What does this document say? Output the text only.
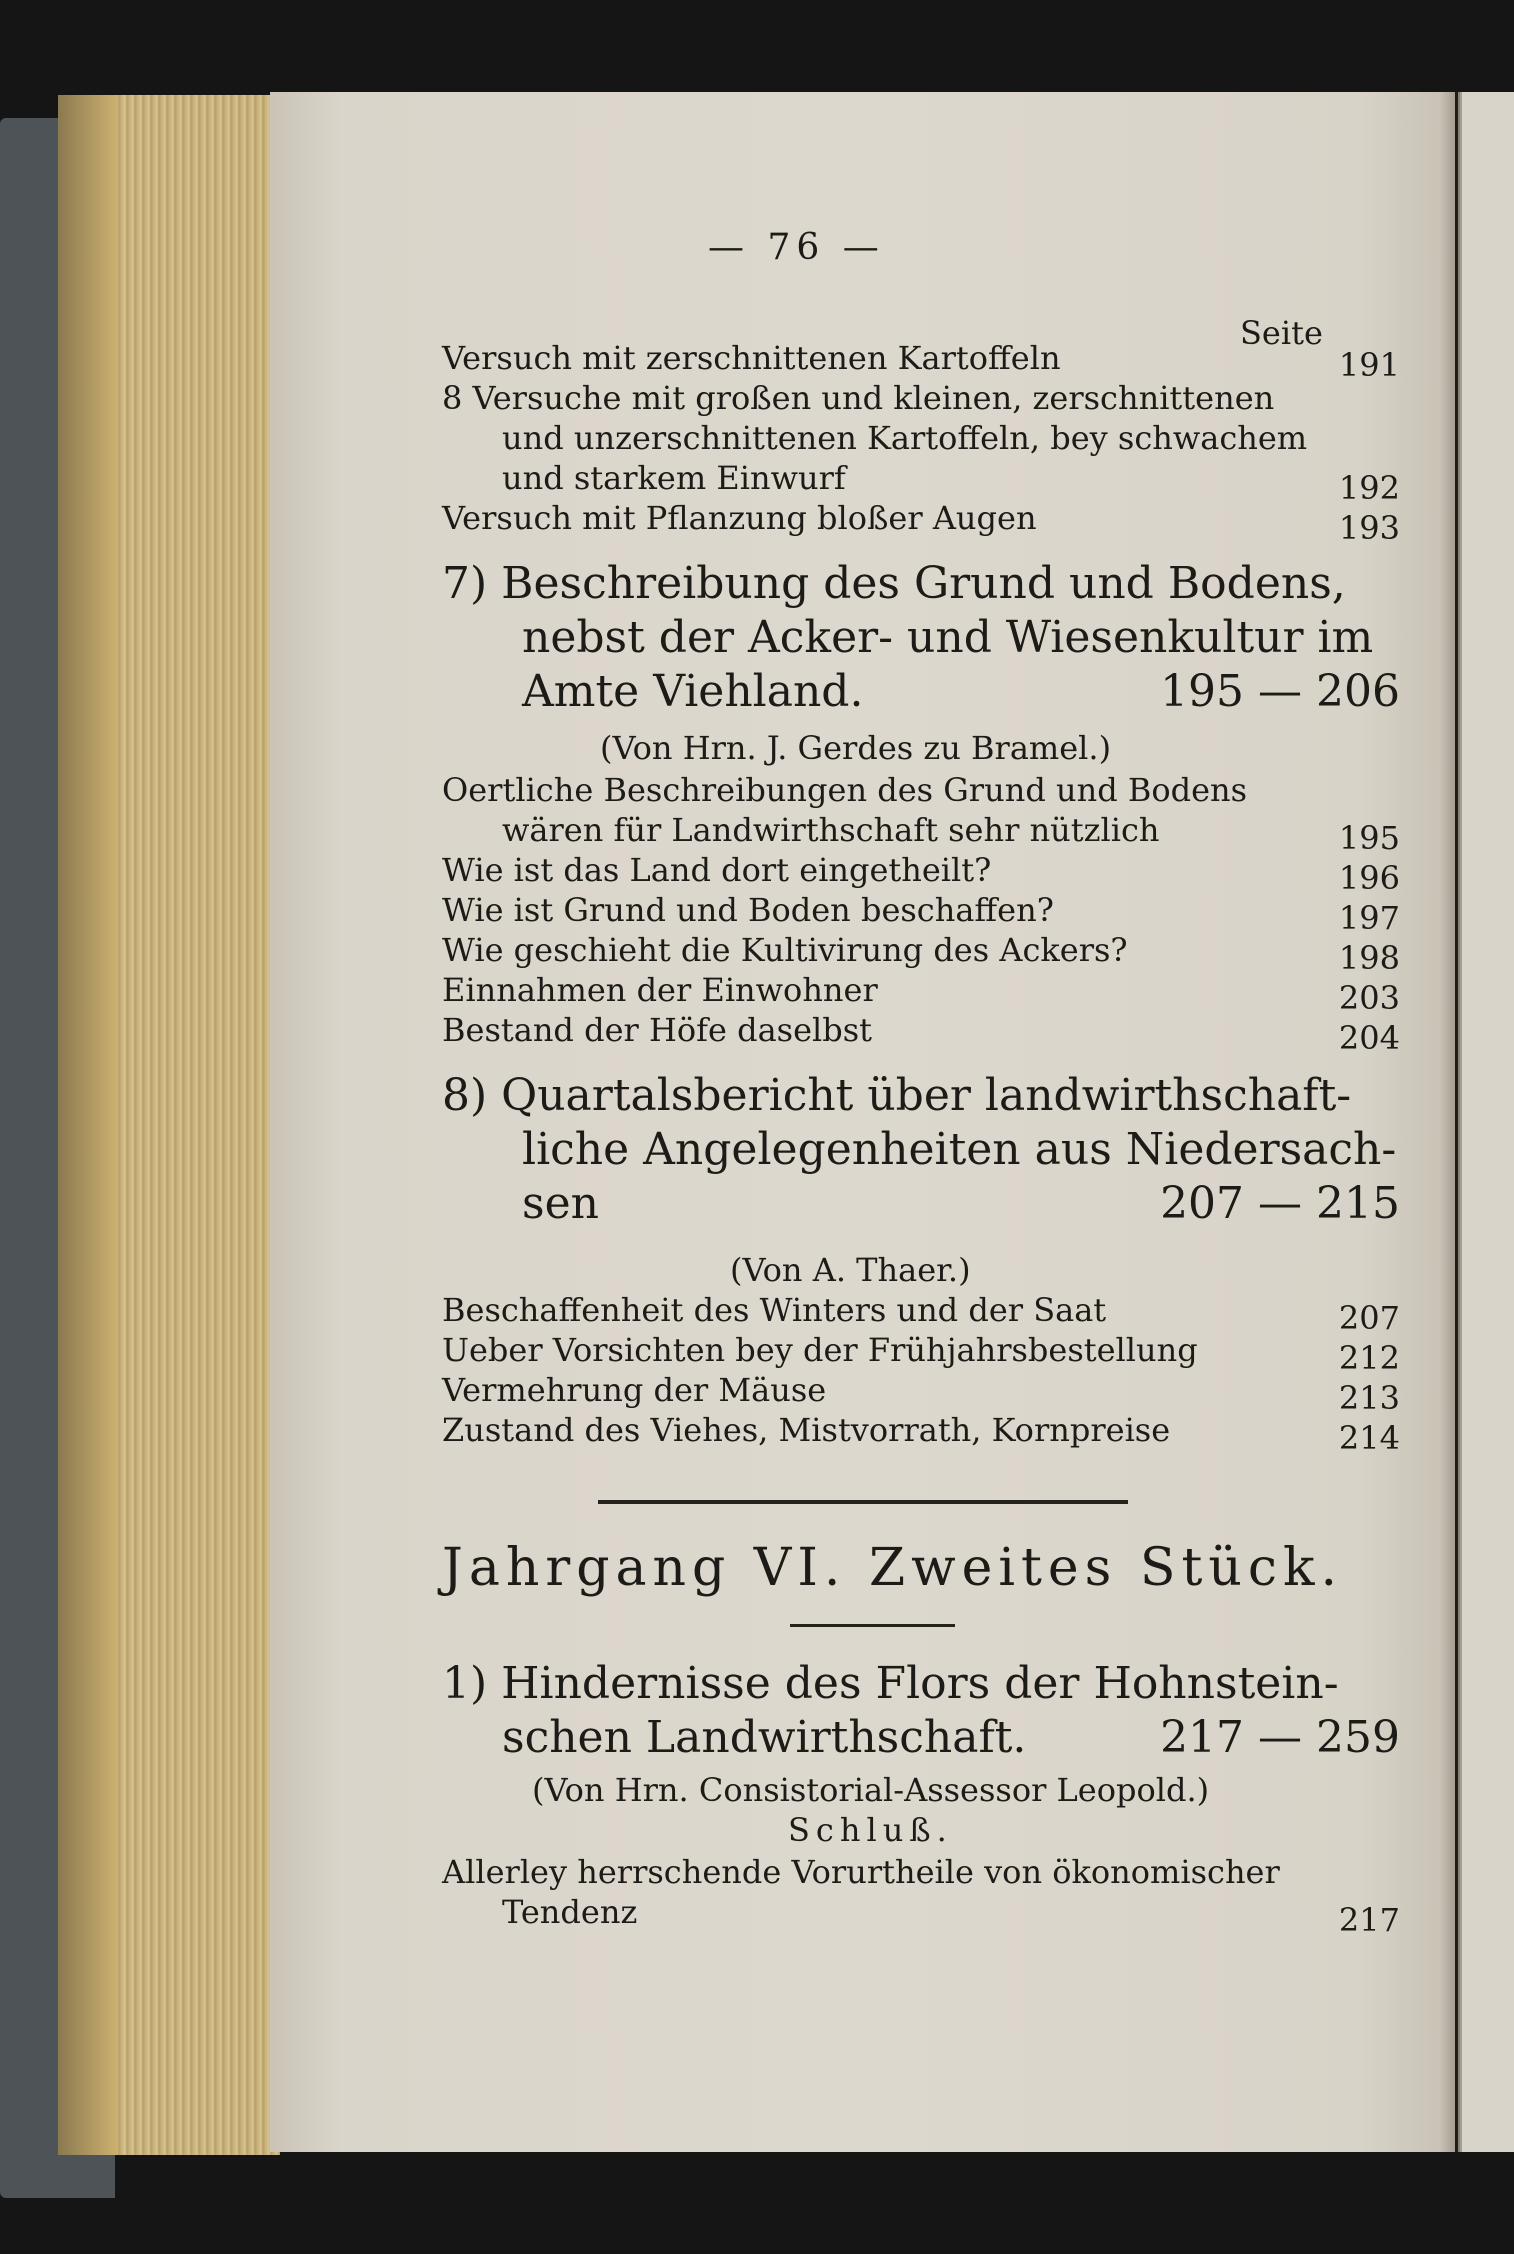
— 76 —
Seite
Versuch mit zerschnittenen Kartoffeln	191
8 Versuche mit großen und kleinen, zerschnittenen
und unzerschnittenen Kartoffeln, bey schwachem
und starkem Einwurf	192
Versuch mit Pflanzung bloßer Augen	193
7) Beschreibung des Grund und Bodens,
nebst der Acker- und Wiesenkultur im
Amte Viehland.	195 — 206
(Von Hrn. J. Gerdes zu Bramel.)
Oertliche Beschreibungen des Grund und Bodens
wären für Landwirthschaft sehr nützlich	195
Wie ist das Land dort eingetheilt?	196
Wie ist Grund und Boden beschaffen?	197
Wie geschieht die Kultivirung des Ackers?	198
Einnahmen der Einwohner	203
Bestand der Höfe daselbst	204
8) Quartalsbericht über landwirthschaft-
liche Angelegenheiten aus Niedersach-
sen	207 — 215
(Von A. Thaer.)
Beschaffenheit des Winters und der Saat	207
Ueber Vorsichten bey der Frühjahrsbestellung	212
Vermehrung der Mäuse	213
Zustand des Viehes, Mistvorrath, Kornpreise	214
Jahrgang VI. Zweites Stück.
1) Hindernisse des Flors der Hohnstein-
schen Landwirthschaft.	217 — 259
(Von Hrn. Consistorial-Assessor Leopold.)
Schluß.
Allerley herrschende Vorurtheile von ökonomischer
Tendenz	217
